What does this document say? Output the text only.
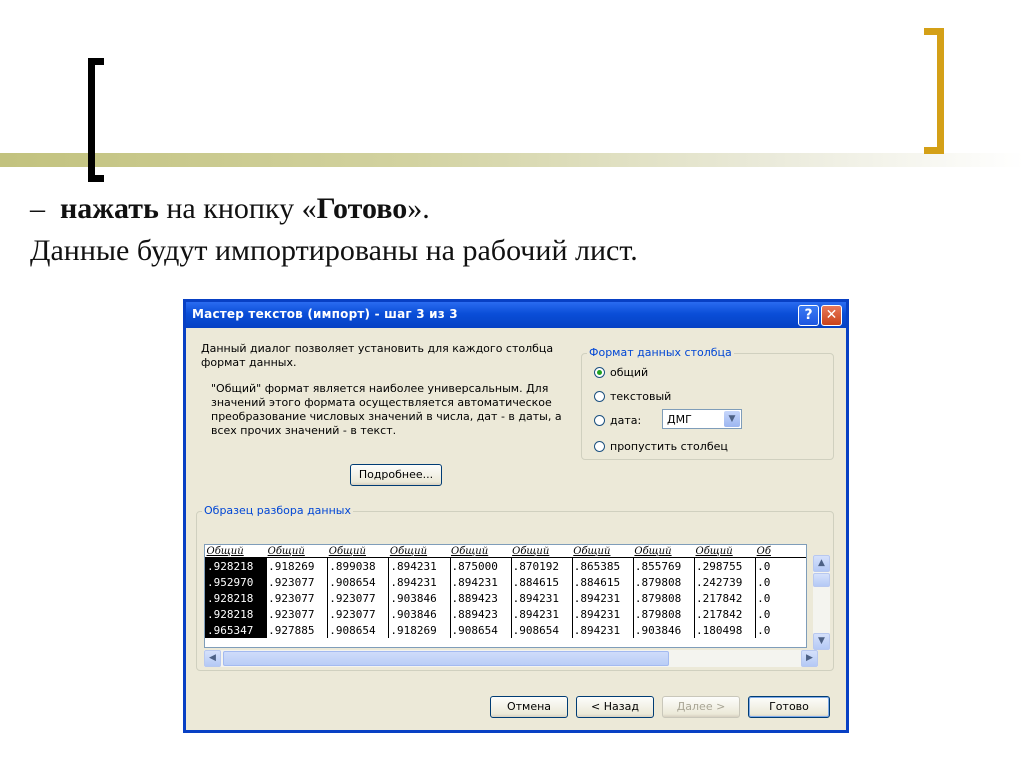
– нажать на кнопку «Готово».
Данные будут импортированы на рабочий лист.
Мастер текстов (импорт) - шаг 3 из 3	? ✕
Данный диалог позволяет установить для каждого столбца формат данных.
"Общий" формат является наиболее универсальным. Для значений этого формата осуществляется автоматическое преобразование числовых значений в числа, дат - в даты, а всех прочих значений - в текст.
Подробнее...
Формат данных столбца
общий
текстовый
дата: ДМГ	▼
пропустить столбец
Образец разбора данных
Общий	Общий	Общий	Общий	Общий	Общий	Общий	Общий	Общий	Об
.928218	.918269	.899038	.894231	.875000	.870192	.865385	.855769	.298755	.0
.952970	.923077	.908654	.894231	.894231	.884615	.884615	.879808	.242739	.0
.928218	.923077	.923077	.903846	.889423	.894231	.894231	.879808	.217842	.0
.928218	.923077	.923077	.903846	.889423	.894231	.894231	.879808	.217842	.0
.965347	.927885	.908654	.918269	.908654	.908654	.894231	.903846	.180498	.0
▲
▼
◀	▶
Отмена	< Назад	Далее >	Готово
